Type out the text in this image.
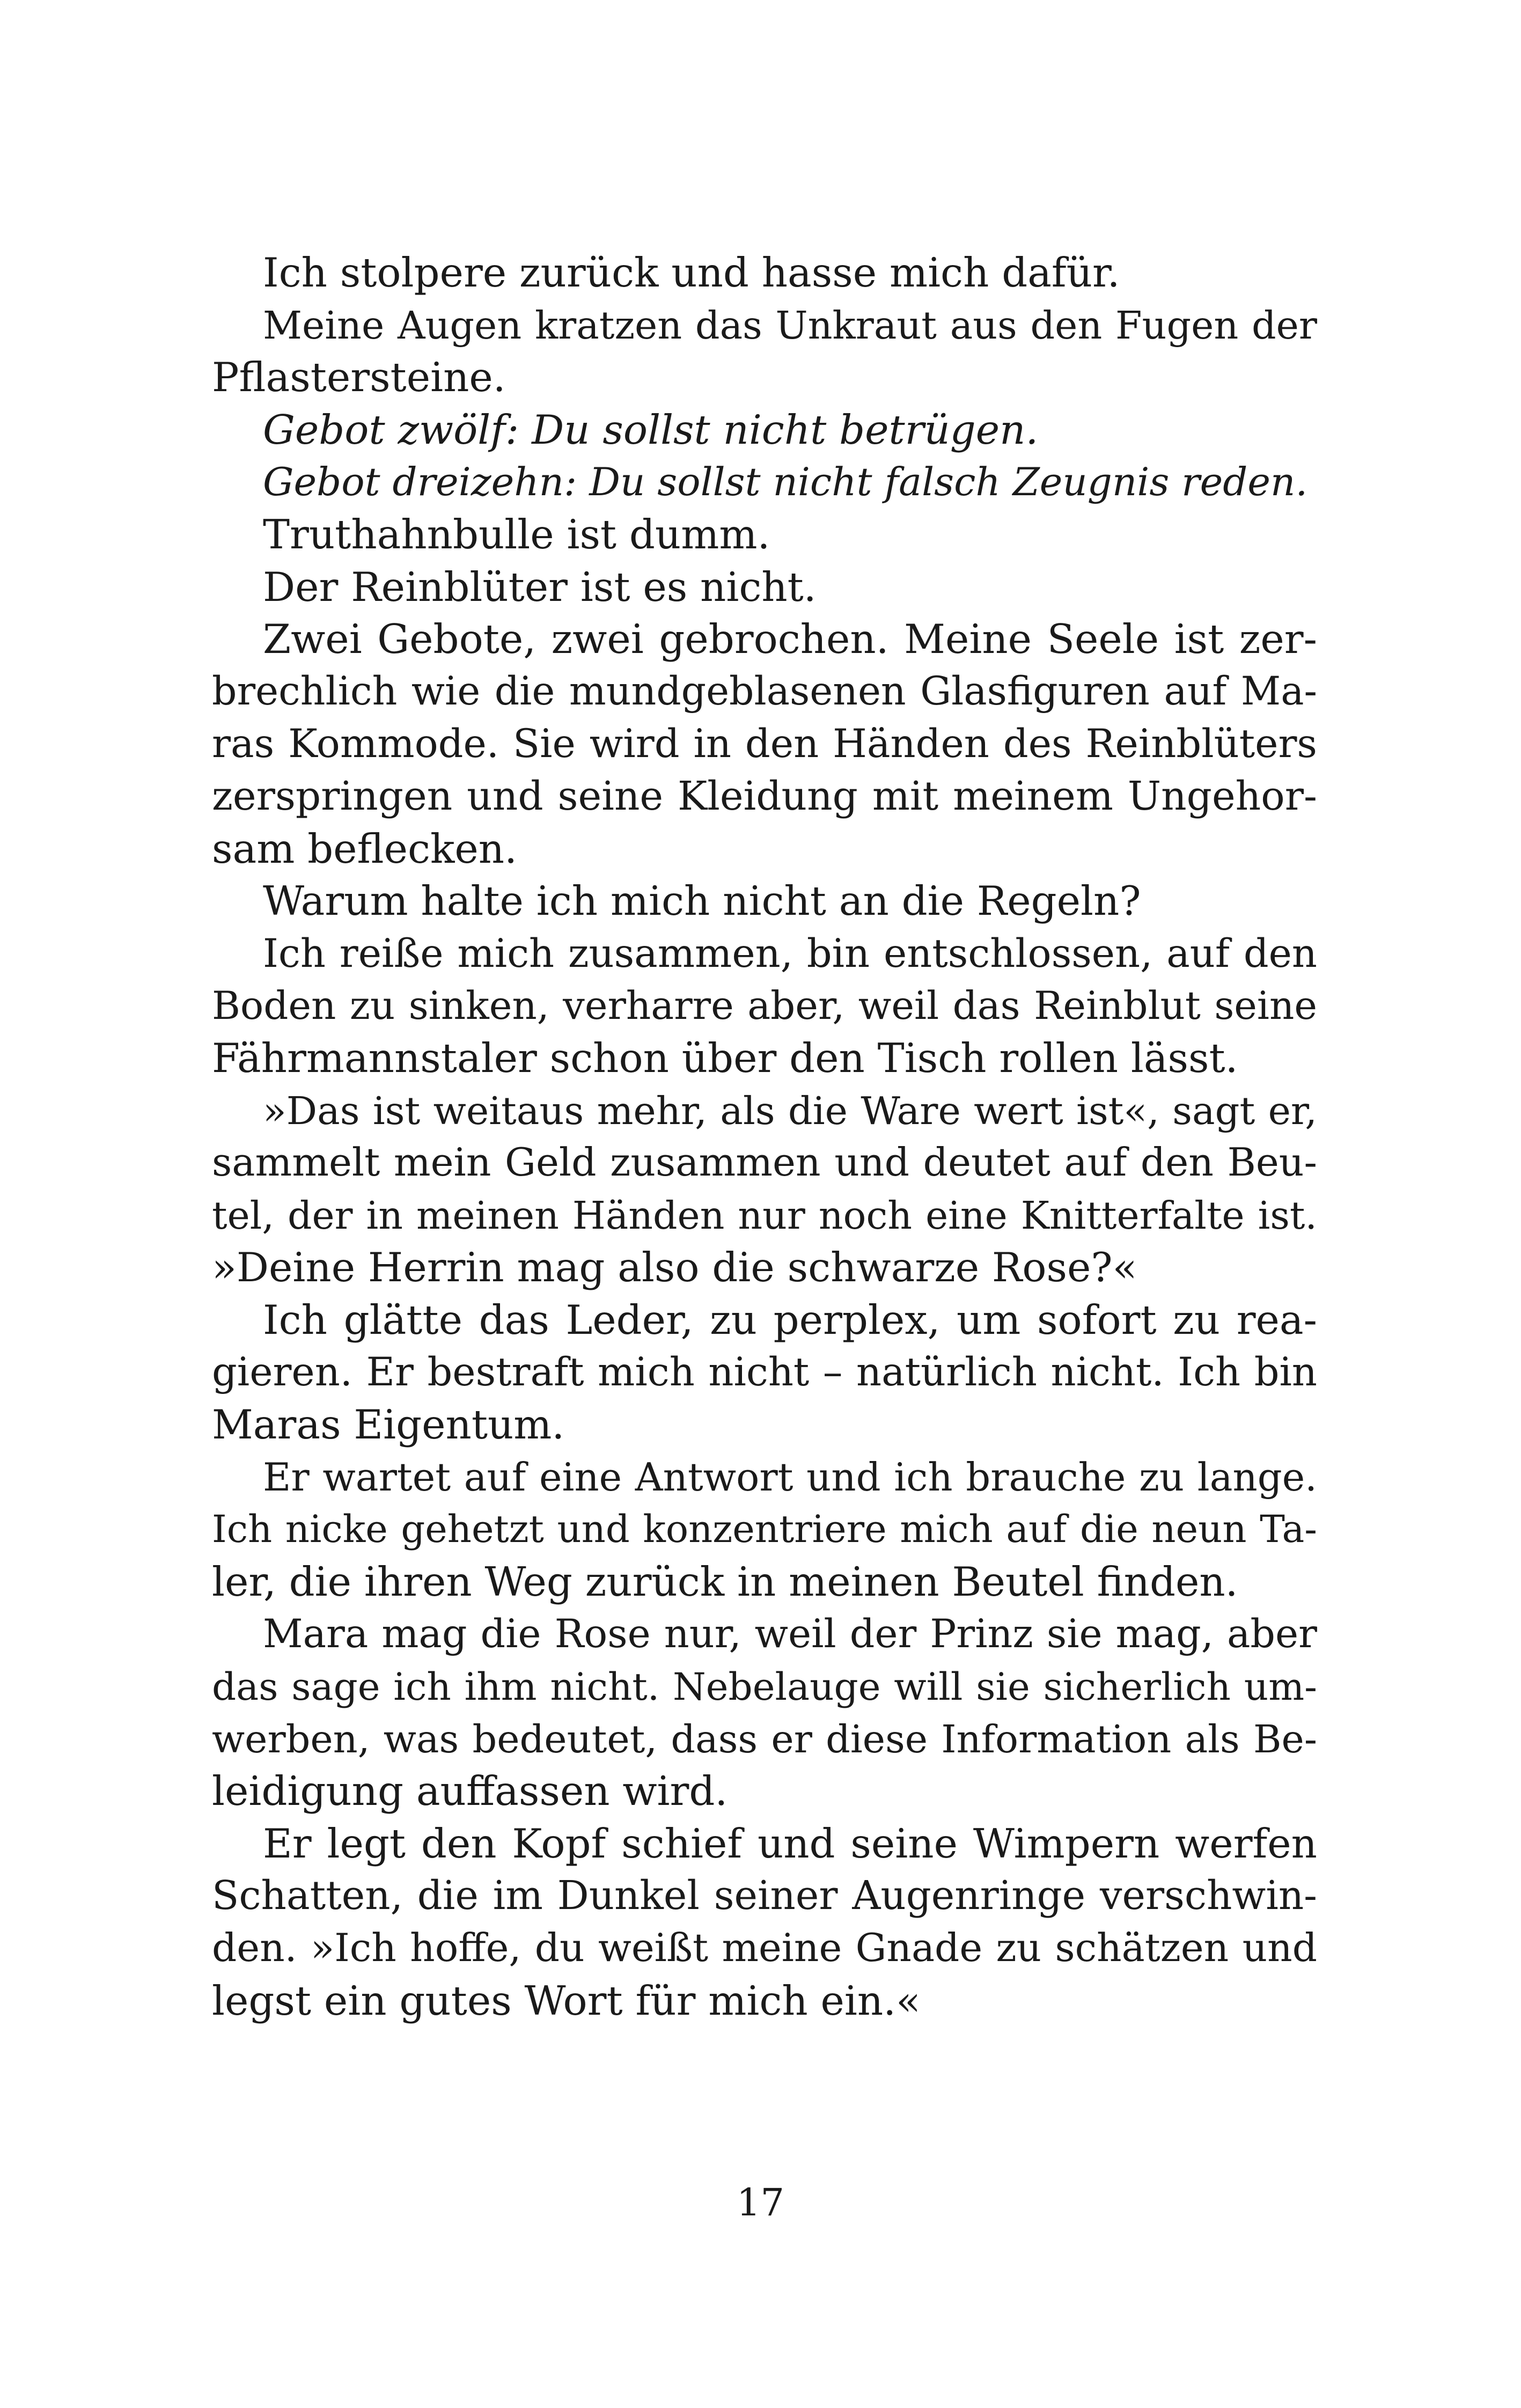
Ich stolpere zurück und hasse mich dafür.
Meine Augen kratzen das Unkraut aus den Fugen der
Pflastersteine.
Gebot zwölf: Du sollst nicht betrügen.
Gebot dreizehn: Du sollst nicht falsch Zeugnis reden.
Truthahnbulle ist dumm.
Der Reinblüter ist es nicht.
Zwei Gebote, zwei gebrochen. Meine Seele ist zer-
brechlich wie die mundgeblasenen Glasfiguren auf Ma-
ras Kommode. Sie wird in den Händen des Reinblüters
zerspringen und seine Kleidung mit meinem Ungehor-
sam beflecken.
Warum halte ich mich nicht an die Regeln?
Ich reiße mich zusammen, bin entschlossen, auf den
Boden zu sinken, verharre aber, weil das Reinblut seine
Fährmannstaler schon über den Tisch rollen lässt.
»Das ist weitaus mehr, als die Ware wert ist«, sagt er,
sammelt mein Geld zusammen und deutet auf den Beu-
tel, der in meinen Händen nur noch eine Knitterfalte ist.
»Deine Herrin mag also die schwarze Rose?«
Ich glätte das Leder, zu perplex, um sofort zu rea-
gieren. Er bestraft mich nicht – natürlich nicht. Ich bin
Maras Eigentum.
Er wartet auf eine Antwort und ich brauche zu lange.
Ich nicke gehetzt und konzentriere mich auf die neun Ta-
ler, die ihren Weg zurück in meinen Beutel finden.
Mara mag die Rose nur, weil der Prinz sie mag, aber
das sage ich ihm nicht. Nebelauge will sie sicherlich um-
werben, was bedeutet, dass er diese Information als Be-
leidigung auffassen wird.
Er legt den Kopf schief und seine Wimpern werfen
Schatten, die im Dunkel seiner Augenringe verschwin-
den. »Ich hoffe, du weißt meine Gnade zu schätzen und
legst ein gutes Wort für mich ein.«
17
